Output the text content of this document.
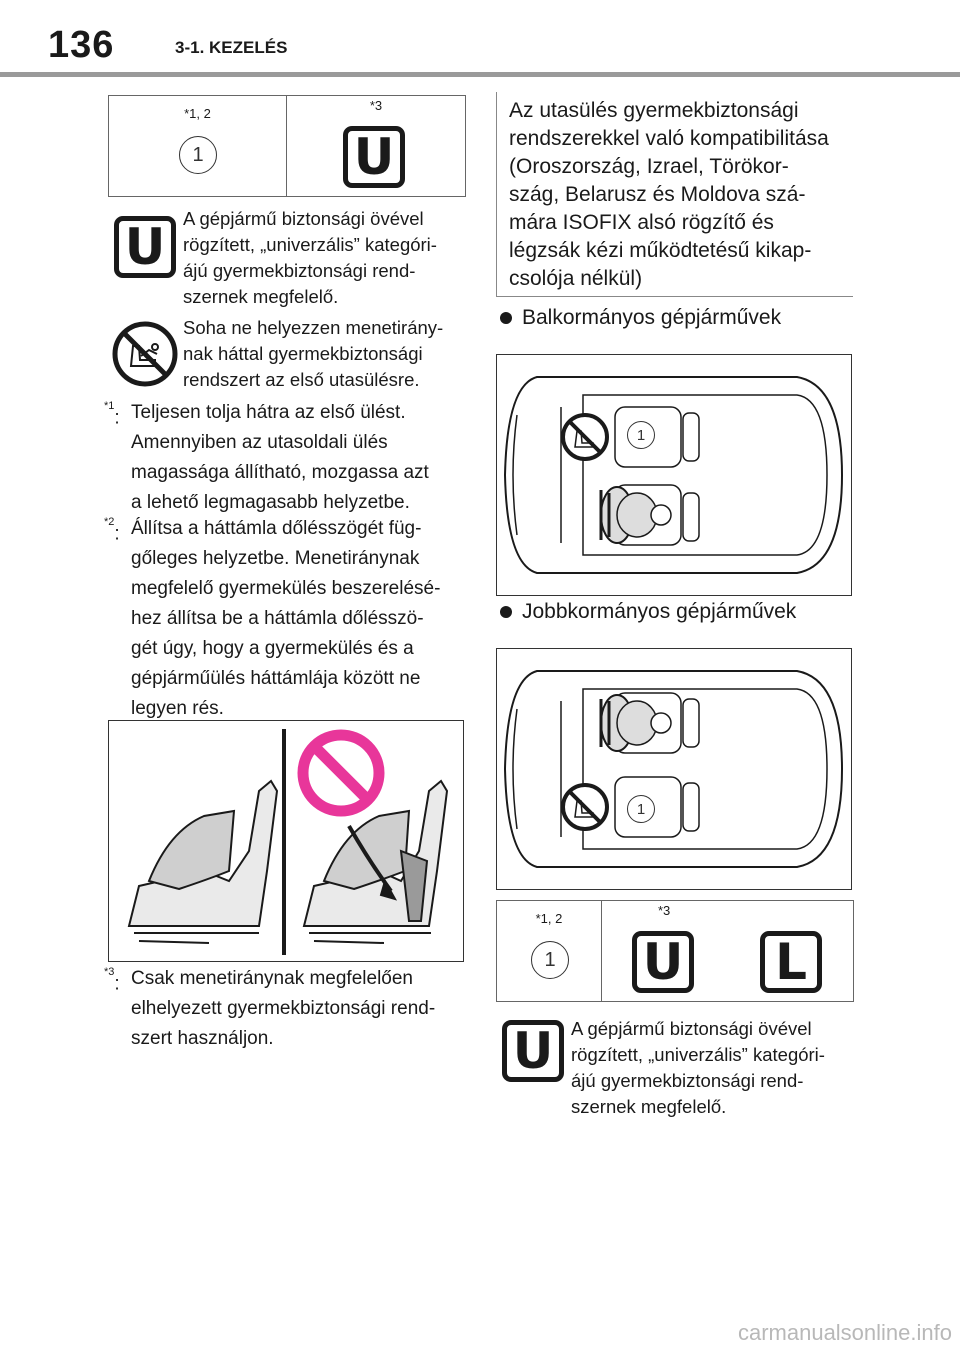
136	3-1. KEZELÉS
*1, 2
1
*3
U
U A gépjármű biztonsági övével
rögzített, „univerzális” kategóri-
ájú gyermekbiztonsági rend-
szernek megfelelő.
Soha ne helyezzen menetirány-
nak háttal gyermekbiztonsági
rendszert az első utasülésre.
$^{*1}$: Teljesen tolja hátra az első ülést.
Amennyiben az utasoldali ülés
magassága állítható, mozgassa azt
a lehető legmagasabb helyzetbe.
$^{*2}$: Állítsa a háttámla dőlésszögét füg-
gőleges helyzetbe. Menetiránynak
megfelelő gyermekülés beszerelésé-
hez állítsa be a háttámla dőlésszö-
gét úgy, hogy a gyermekülés és a
gépjárműülés háttámlája között ne
legyen rés.
$^{*3}$: Csak menetiránynak megfelelően
elhelyezett gyermekbiztonsági rend-
szert használjon.
Az utasülés gyermekbiztonsági
rendszerekkel való kompatibilitása
(Oroszország, Izrael, Törökor-
szág, Belarusz és Moldova szá-
mára ISOFIX alsó rögzítő és
légzsák kézi működtetésű kikap-
csolója nélkül)
Balkormányos gépjárművek
1
Jobbkormányos gépjárművek
1
*1, 2
1
*3
U L
U A gépjármű biztonsági övével
rögzített, „univerzális” kategóri-
ájú gyermekbiztonsági rend-
szernek megfelelő.
carmanualsonline.info
